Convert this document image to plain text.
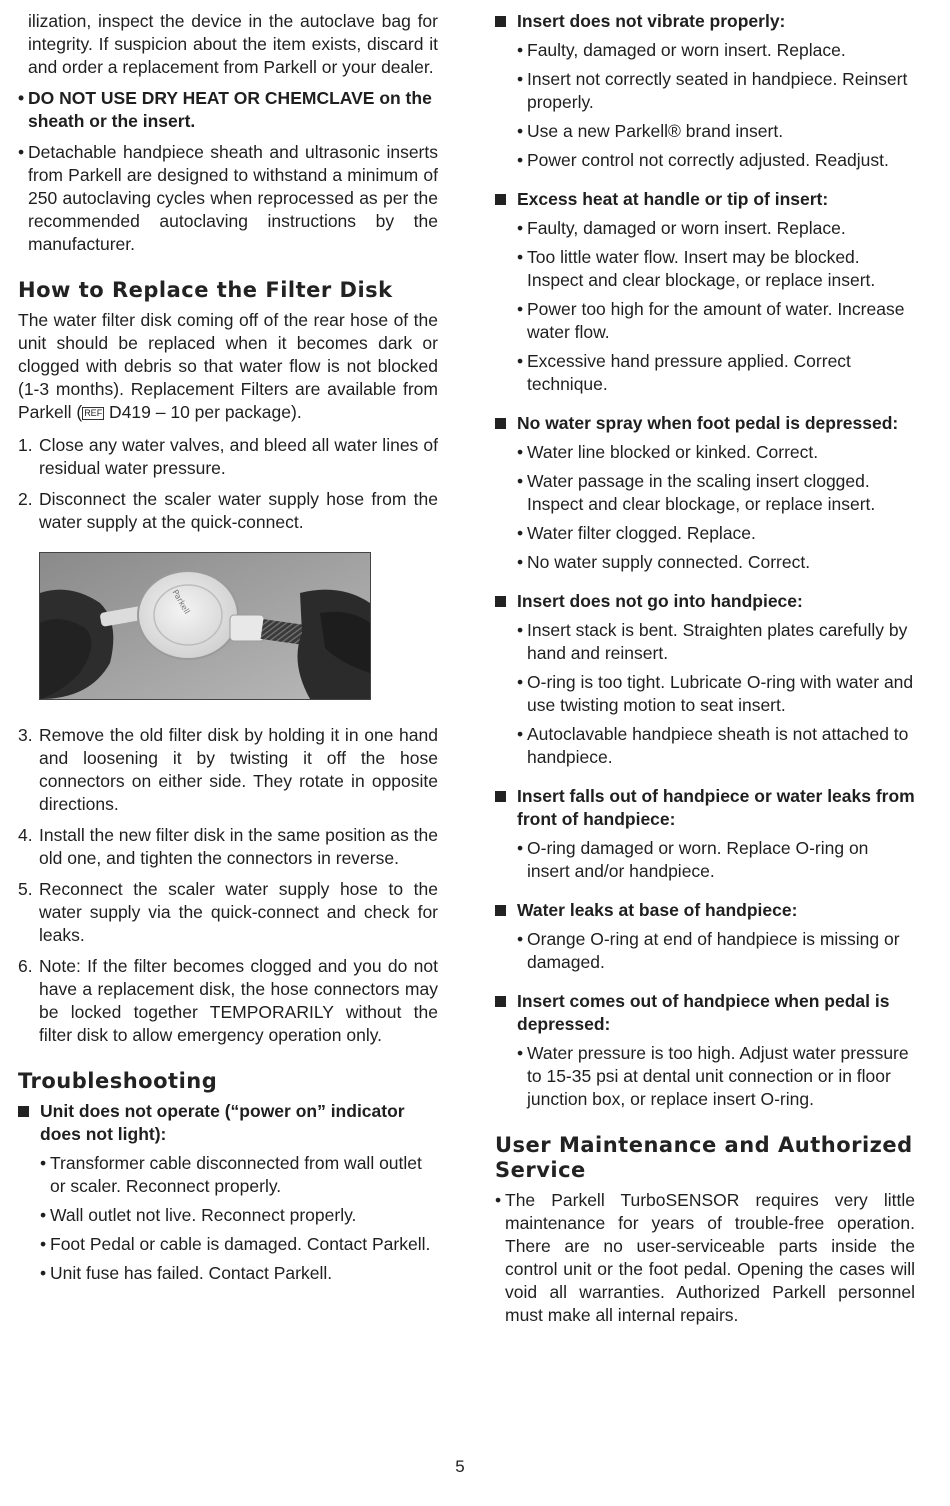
ilization, inspect the device in the autoclave bag for integrity. If suspicion about the item exists, discard it and order a replacement from Parkell or your dealer.

• DO NOT USE DRY HEAT OR CHEMCLAVE on the sheath or the insert.
• Detachable handpiece sheath and ultrasonic inserts from Parkell are designed to withstand a minimum of 250 autoclaving cycles when reprocessed as per the recommended autoclaving instructions by the manufacturer.
How to Replace the Filter Disk

The water filter disk coming off of the rear hose of the unit should be replaced when it becomes dark or clogged with debris so that water flow is not blocked (1-3 months). Replacement Filters are available from Parkell ( REF D419 – 10 per package).

1. Close any water valves, and bleed all water lines of residual water pressure.
2. Disconnect the scaler water supply hose from the water supply at the quick-connect.
Parkell
3. Remove the old filter disk by holding it in one hand and loosening it by twisting it off the hose connectors on either side. They rotate in opposite directions.
4. Install the new filter disk in the same position as the old one, and tighten the connectors in reverse.
5. Reconnect the scaler water supply hose to the water supply via the quick-connect and check for leaks.
6. Note: If the filter becomes clogged and you do not have a replacement disk, the hose connectors may be locked together TEMPORARILY without the filter disk to allow emergency operation only.
Troubleshooting
Unit does not operate (“power on” indicator does not light):
• Transformer cable disconnected from wall outlet or scaler. Reconnect properly.
• Wall outlet not live. Reconnect properly.
• Foot Pedal or cable is damaged. Contact Parkell.
• Unit fuse has failed. Contact Parkell.
Insert does not vibrate properly:
• Faulty, damaged or worn insert. Replace.
• Insert not correctly seated in handpiece. Reinsert properly.
• Use a new Parkell® brand insert.
• Power control not correctly adjusted. Readjust.
Excess heat at handle or tip of insert:
• Faulty, damaged or worn insert. Replace.
• Too little water flow. Insert may be blocked. Inspect and clear blockage, or replace insert.
• Power too high for the amount of water. Increase water flow.
• Excessive hand pressure applied. Correct technique.
No water spray when foot pedal is depressed:
• Water line blocked or kinked. Correct.
• Water passage in the scaling insert clogged. Inspect and clear blockage, or replace insert.
• Water filter clogged. Replace.
• No water supply connected. Correct.
Insert does not go into handpiece:
• Insert stack is bent. Straighten plates carefully by hand and reinsert.
• O-ring is too tight. Lubricate O-ring with water and use twisting motion to seat insert.
• Autoclavable handpiece sheath is not attached to handpiece.
Insert falls out of handpiece or water leaks from front of handpiece:
• O-ring damaged or worn. Replace O-ring on insert and/or handpiece.
Water leaks at base of handpiece:
• Orange O-ring at end of handpiece is missing or damaged.
Insert comes out of handpiece when pedal is depressed:
• Water pressure is too high. Adjust water pressure to 15-35 psi at dental unit connection or in floor junction box, or replace insert O-ring.
User Maintenance and Authorized Service
• The Parkell TurboSENSOR requires very little maintenance for years of trouble-free operation. There are no user-serviceable parts inside the control unit or the foot pedal. Opening the cases will void all warranties. Authorized Parkell personnel must make all internal repairs.
5
